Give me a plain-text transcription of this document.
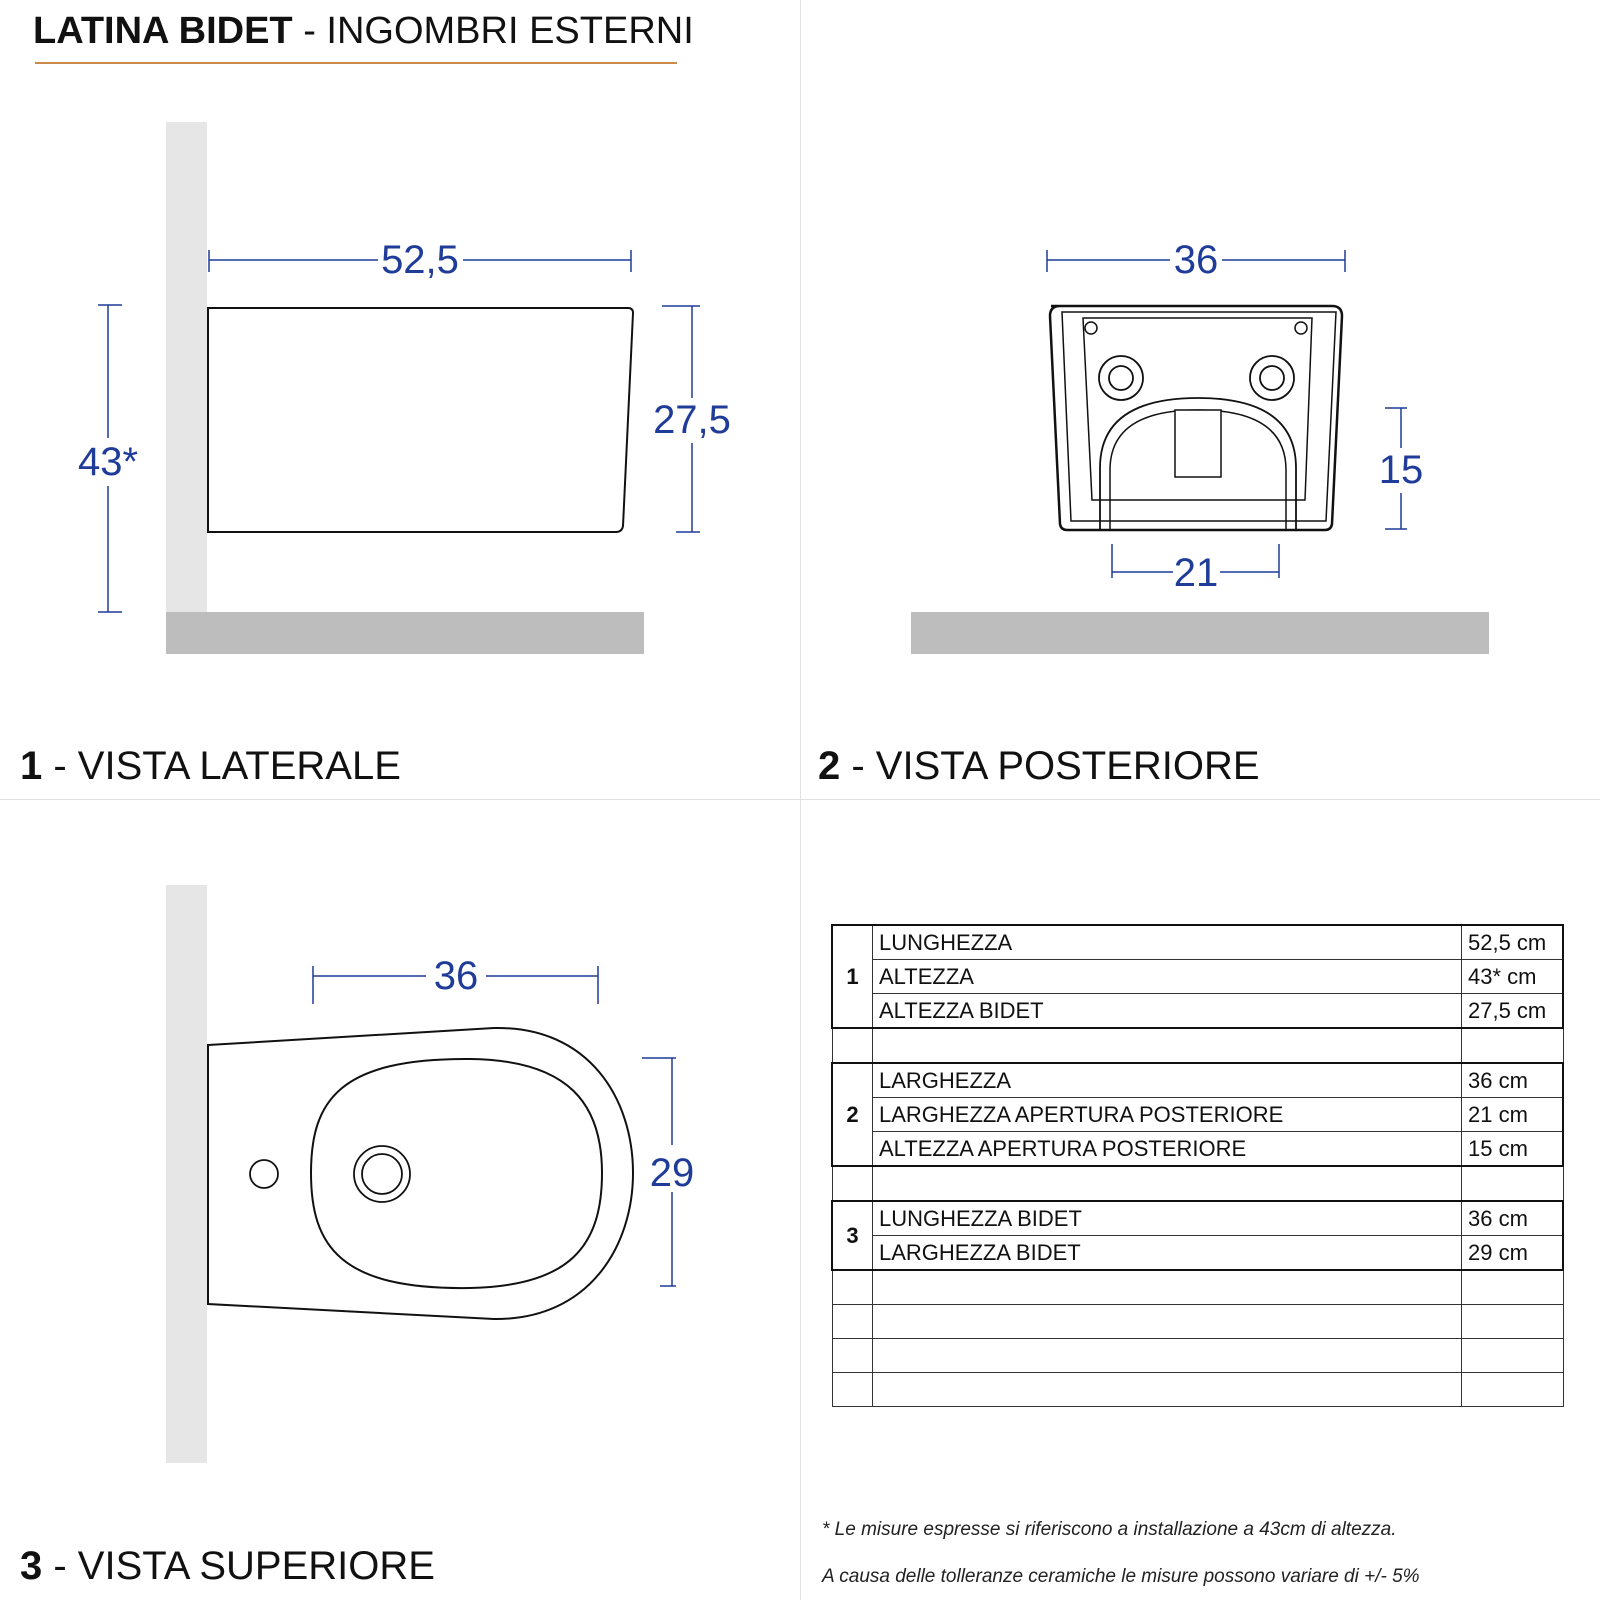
LATINA BIDET - INGOMBRI ESTERNI
52,5
43*
27,5
1 - VISTA LATERALE
36
21
15
2 - VISTA POSTERIORE
36
29
3 - VISTA SUPERIORE
1	LUNGHEZZA	52,5 cm
	ALTEZZA	43* cm
	ALTEZZA BIDET	27,5 cm

2	LARGHEZZA	36 cm
	LARGHEZZA APERTURA POSTERIORE	21 cm
	ALTEZZA APERTURA POSTERIORE	15 cm

3	LUNGHEZZA BIDET	36 cm
	LARGHEZZA BIDET	29 cm

* Le misure espresse si riferiscono a installazione a 43cm di altezza.
A causa delle tolleranze ceramiche le misure possono variare di +/- 5%
